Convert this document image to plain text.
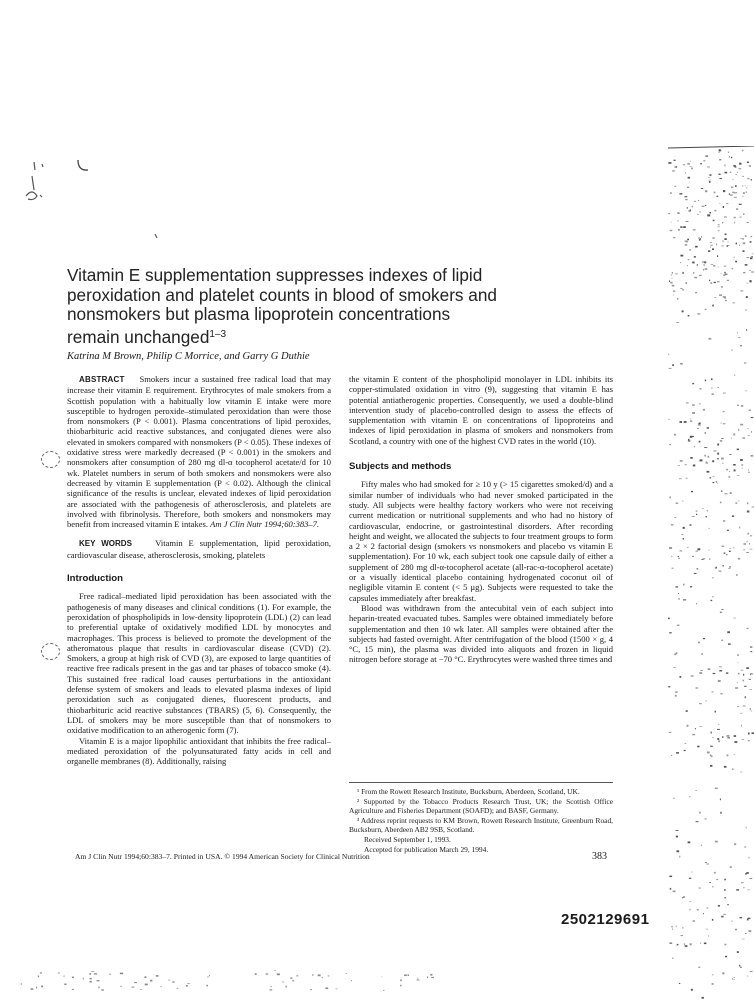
Vitamin E supplementation suppresses indexes of lipid peroxidation and platelet counts in blood of smokers and nonsmokers but plasma lipoprotein concentrations remain unchanged$^{1-3}$
Katrina M Brown, Philip C Morrice, and Garry G Duthie

ABSTRACT Smokers incur a sustained free radical load that may increase their vitamin E requirement. Erythrocytes of male smokers from a Scottish population with a habitually low vitamin E intake were more susceptible to hydrogen peroxide–stimulated peroxidation than were those from nonsmokers (P < 0.001). Plasma concentrations of lipid peroxides, thiobarbituric acid reactive substances, and conjugated dienes were also elevated in smokers compared with nonsmokers (P < 0.05). These indexes of oxidative stress were markedly decreased (P < 0.001) in the smokers and nonsmokers after consumption of 280 mg dl-α tocopherol acetate/d for 10 wk. Platelet numbers in serum of both smokers and nonsmokers were also decreased by vitamin E supplementation (P < 0.02). Although the clinical significance of the results is unclear, elevated indexes of lipid peroxidation are associated with the pathogenesis of atherosclerosis, and platelets are involved with fibrinolysis. Therefore, both smokers and nonsmokers may benefit from increased vitamin E intakes. Am J Clin Nutr 1994;60:383–7.

KEY WORDS	Vitamin E supplementation, lipid peroxidation, cardiovascular disease, atherosclerosis, smoking, platelets

Introduction

Free radical–mediated lipid peroxidation has been associated with the pathogenesis of many diseases and clinical conditions (1). For example, the peroxidation of phospholipids in low-density lipoprotein (LDL) (2) can lead to preferential uptake of oxidatively modified LDL by monocytes and macrophages. This process is believed to promote the development of the atheromatous plaque that results in cardiovascular disease (CVD) (2). Smokers, a group at high risk of CVD (3), are exposed to large quantities of reactive free radicals present in the gas and tar phases of tobacco smoke (4). This sustained free radical load causes perturbations in the antioxidant defense system of smokers and leads to elevated plasma indexes of lipid peroxidation such as conjugated dienes, fluorescent products, and thiobarbituric acid reactive substances (TBARS) (5, 6). Consequently, the LDL of smokers may be more susceptible than that of nonsmokers to oxidative modification to an atherogenic form (7).

Vitamin E is a major lipophilic antioxidant that inhibits the free radical–mediated peroxidation of the polyunsaturated fatty acids in cell and organelle membranes (8). Additionally, raising

the vitamin E content of the phospholipid monolayer in LDL inhibits its copper-stimulated oxidation in vitro (9), suggesting that vitamin E has potential antiatherogenic properties. Consequently, we used a double-blind intervention study of placebo-controlled design to assess the effects of supplementation with vitamin E on concentrations of lipoproteins and indexes of lipid peroxidation in plasma of smokers and nonsmokers from Scotland, a country with one of the highest CVD rates in the world (10).

Subjects and methods

Fifty males who had smoked for ≥ 10 y (> 15 cigarettes smoked/d) and a similar number of individuals who had never smoked participated in the study. All subjects were healthy factory workers who were not receiving current medication or nutritional supplements and who had no history of cardiovascular, endocrine, or gastrointestinal disorders. After recording height and weight, we allocated the subjects to four treatment groups to form a 2 × 2 factorial design (smokers vs nonsmokers and placebo vs vitamin E supplementation). For 10 wk, each subject took one capsule daily of either a supplement of 280 mg dl-α-tocopherol acetate (all-rac-α-tocopherol acetate) or a visually identical placebo containing hydrogenated coconut oil of negligible vitamin E content (< 5 μg). Subjects were requested to take the capsules immediately after breakfast.

Blood was withdrawn from the antecubital vein of each subject into heparin-treated evacuated tubes. Samples were obtained immediately before supplementation and then 10 wk later. All samples were obtained after the subjects had fasted overnight. After centrifugation of the blood (1500 × g, 4 °C, 15 min), the plasma was divided into aliquots and frozen in liquid nitrogen before storage at −70 °C. Erythrocytes were washed three times and

¹ From the Rowett Research Institute, Bucksburn, Aberdeen, Scotland, UK.

² Supported by the Tobacco Products Research Trust, UK; the Scottish Office Agriculture and Fisheries Department (SOAFD); and BASF, Germany.

³ Address reprint requests to KM Brown, Rowett Research Institute, Greenburn Road, Bucksburn, Aberdeen AB2 9SB, Scotland.

Received September 1, 1993.

Accepted for publication March 29, 1994.

Am J Clin Nutr 1994;60:383–7. Printed in USA. © 1994 American Society for Clinical Nutrition	383
2502129691
